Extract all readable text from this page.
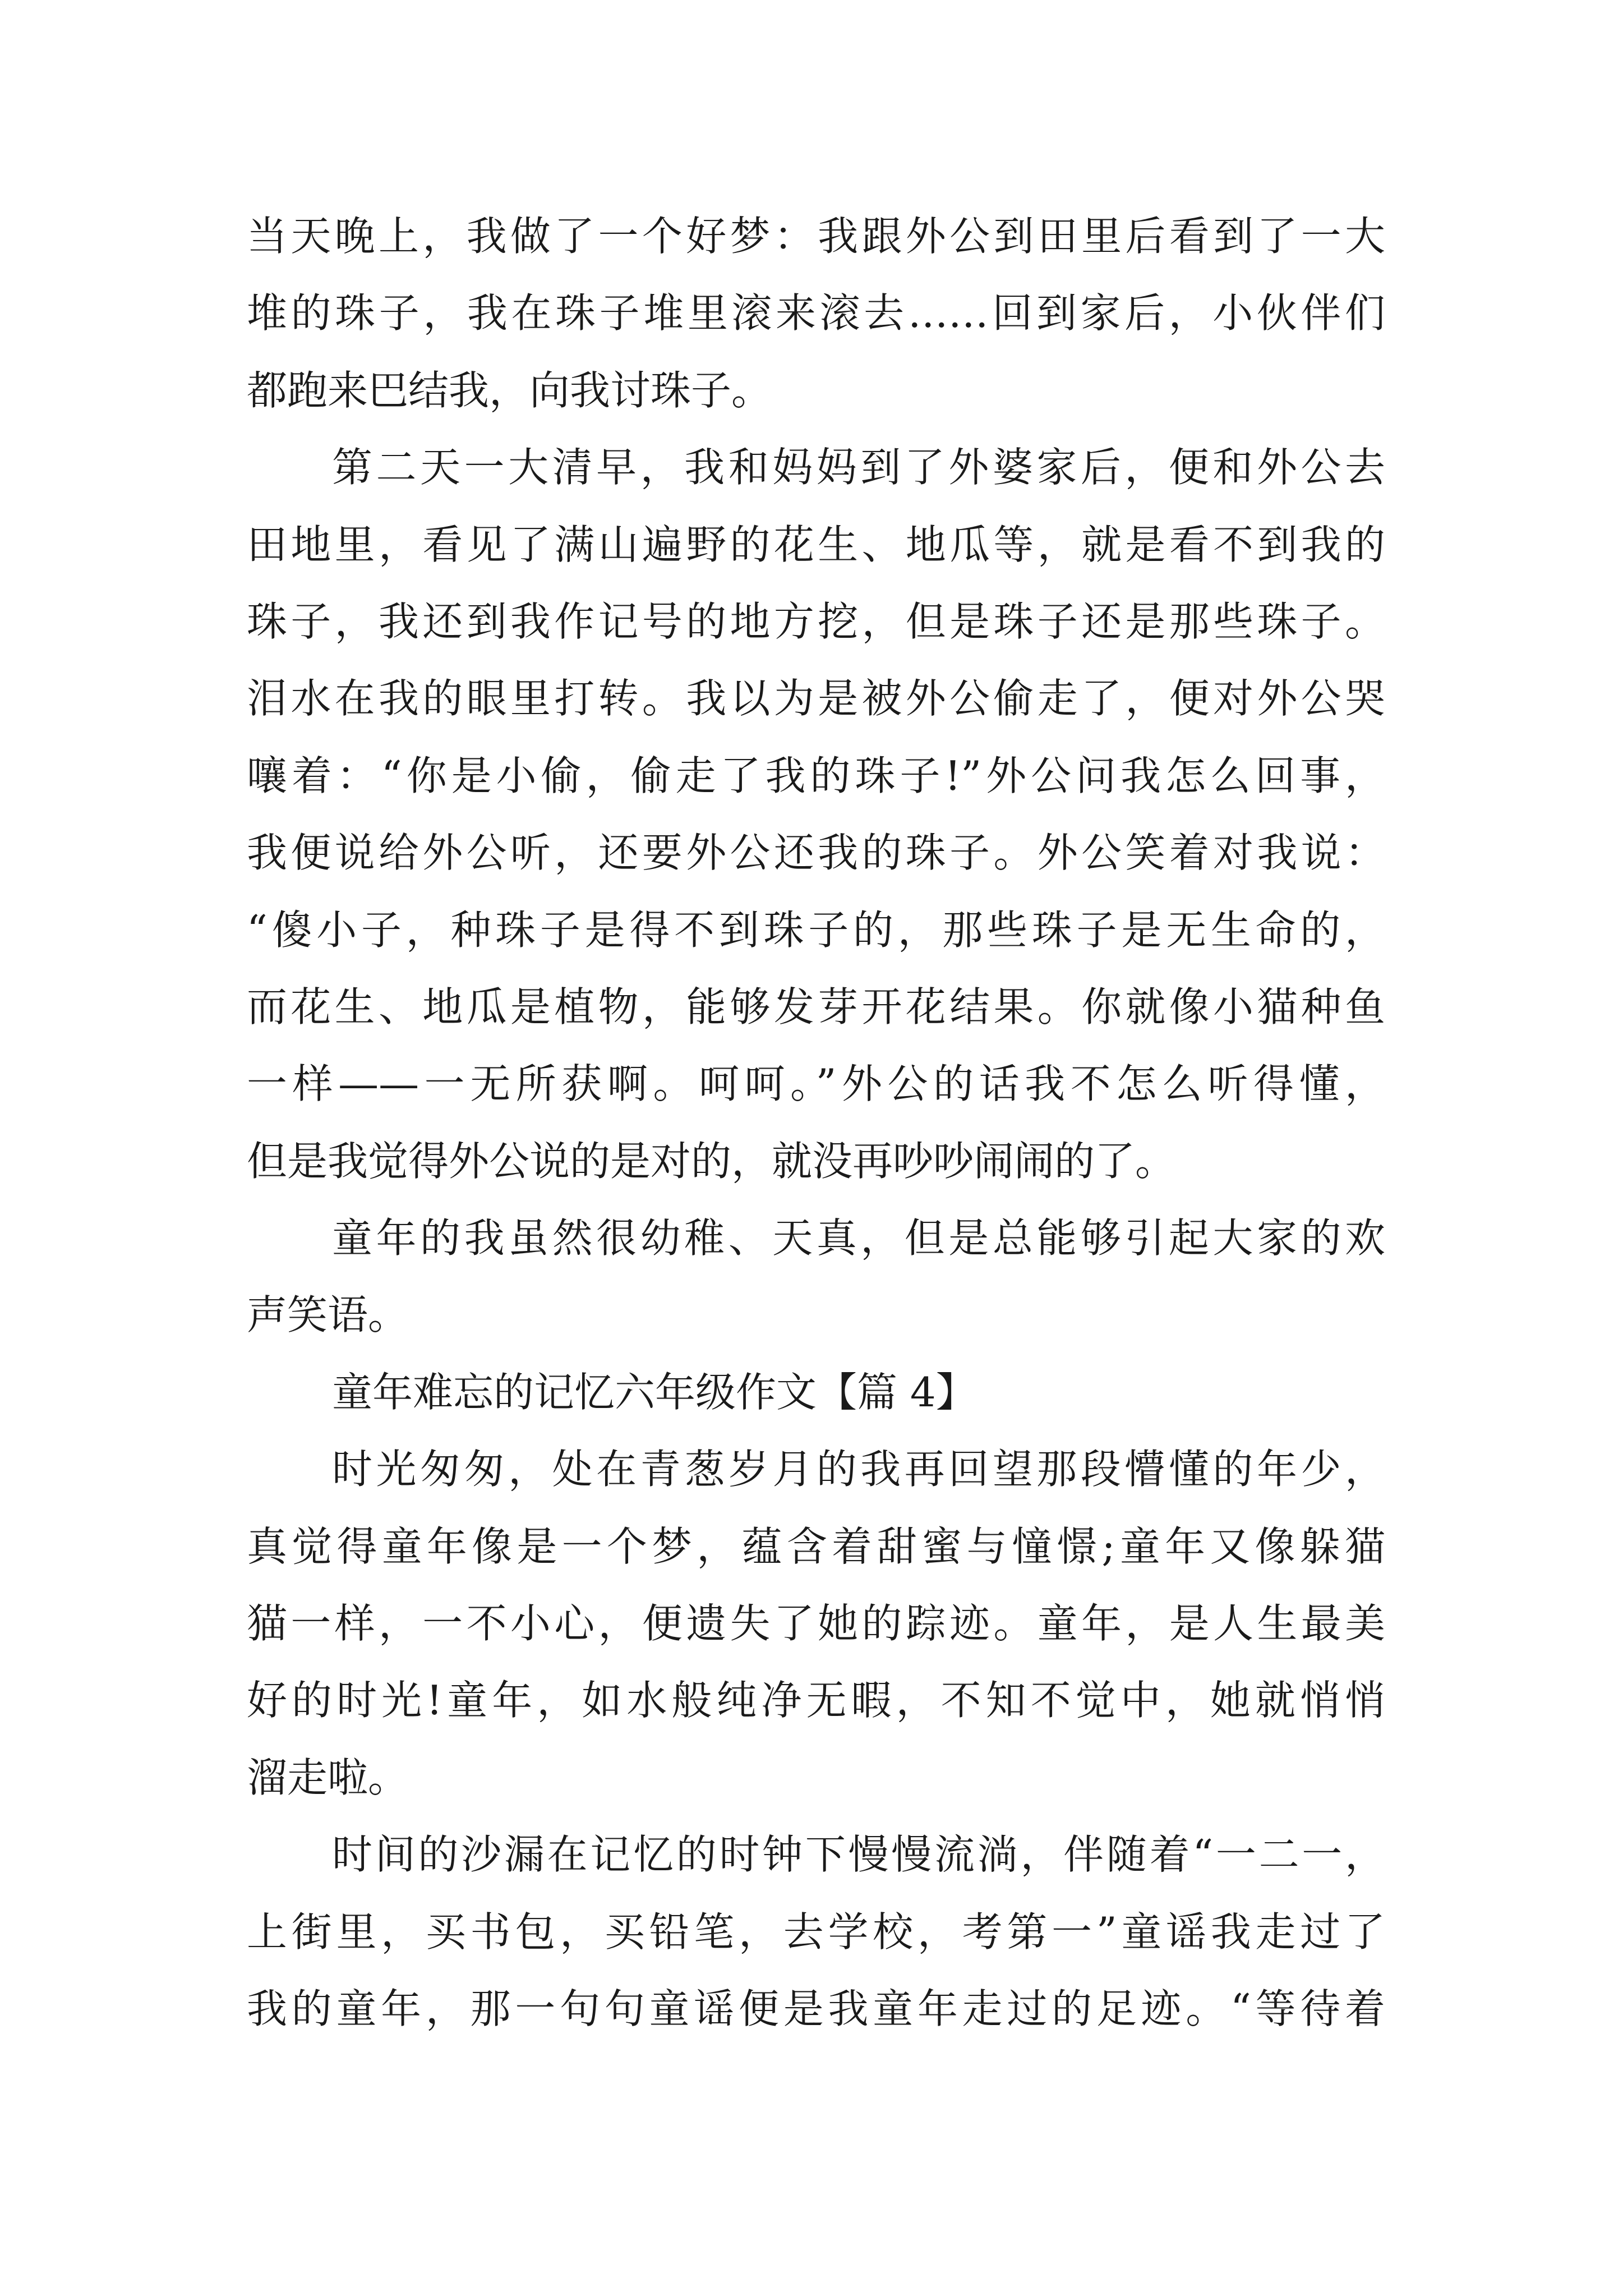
当天晚上，我做了一个好梦：我跟外公到田里后看到了一大
堆的珠子，我在珠子堆里滚来滚去……回到家后，小伙伴们
都跑来巴结我，向我讨珠子。
第二天一大清早，我和妈妈到了外婆家后，便和外公去
田地里，看见了满山遍野的花生、地瓜等，就是看不到我的
珠子，我还到我作记号的地方挖，但是珠子还是那些珠子。
泪水在我的眼里打转。我以为是被外公偷走了，便对外公哭
嚷着：“你是小偷，偷走了我的珠子!”外公问我怎么回事，
我便说给外公听，还要外公还我的珠子。外公笑着对我说：
“傻小子，种珠子是得不到珠子的，那些珠子是无生命的，
而花生、地瓜是植物，能够发芽开花结果。你就像小猫种鱼
一样——一无所获啊。呵呵。”外公的话我不怎么听得懂，
但是我觉得外公说的是对的，就没再吵吵闹闹的了。
童年的我虽然很幼稚、天真，但是总能够引起大家的欢
声笑语。
童年难忘的记忆六年级作文【篇 4】
时光匆匆，处在青葱岁月的我再回望那段懵懂的年少，
真觉得童年像是一个梦，蕴含着甜蜜与憧憬;童年又像躲猫
猫一样，一不小心，便遗失了她的踪迹。童年，是人生最美
好的时光!童年，如水般纯净无暇，不知不觉中，她就悄悄
溜走啦。
时间的沙漏在记忆的时钟下慢慢流淌，伴随着“一二一，
上街里，买书包，买铅笔，去学校，考第一”童谣我走过了
我的童年，那一句句童谣便是我童年走过的足迹。“等待着
